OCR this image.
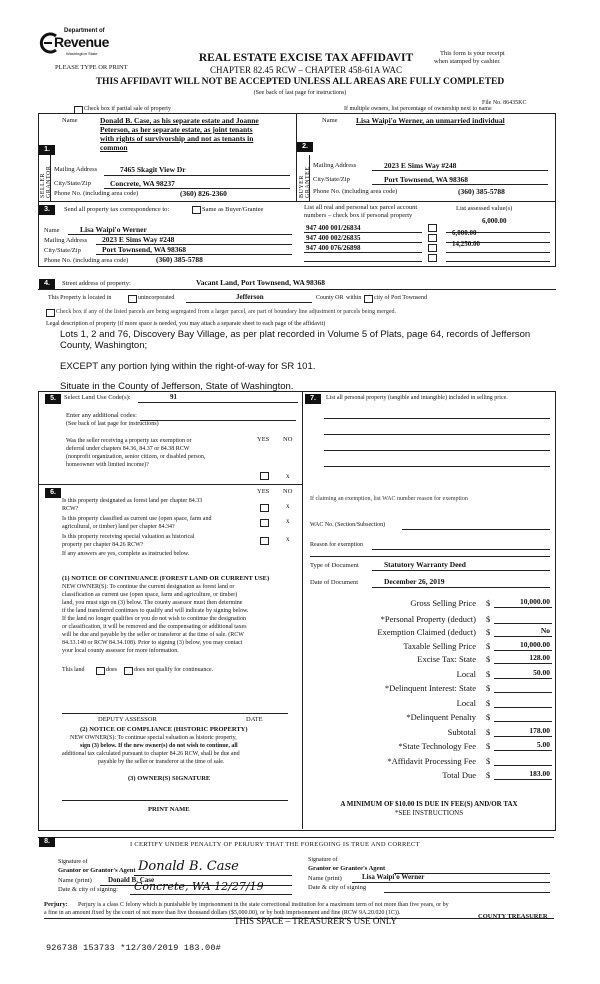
Department of
Revenue
Washington State
PLEASE TYPE OR PRINT
REAL ESTATE EXCISE TAX AFFIDAVIT
CHAPTER 82.45 RCW – CHAPTER 458-61A WAC
THIS AFFIDAVIT WILL NOT BE ACCEPTED UNLESS ALL AREAS ARE FULLY COMPLETED
(See back of last page for instructions)
This form is your receipt
when stamped by cashier.
File No. 86435KC
Check box if partial sale of property	If multiple owners, list percentage of ownership next to name
1.
Name	Donald B. Case, as his separate estate and Joanne
Peterson, as her separate estate, as joint tenants
with rights of survivorship and not as tenants in
common
SELLER GRANTOR Mailing Address	7465 Skagit View Dr
City/State/Zip	Concrete, WA 98237
Phone No. (including area code)	(360) 826-2360
2.
Name Lisa Waipi'o Werner, an unmarried individual
BUYER GRANTEE
Mailing Address	2023 E Sims Way #248
City/State/Zip	Port Townsend, WA 98368
Phone No. (including area code)	(360) 385-5788
3.	Send all property tax correspondence to:	Same as Buyer/Grantee
Name	Lisa Waipi'o Werner
Mailing Address 2023 E Sims Way #248
City/State/Zip	Port Townsend, WA 98368
Phone No. (including area code)	(360) 385-5788
List all real and personal tax parcel account
numbers – check box if personal property
List assessed value(s)
947 400 001/26834
6,000.00
947 400 002/26835
6,000.00
947 400 076/26898	14,250.00
4.	Street address of property:	Vacant Land, Port Townsend, WA 98368
This Property is located in	unincorporated	Jefferson	County OR within city of Port Townsend
Check box if any of the listed parcels are being segregated from a larger parcel, are part of boundary line adjustment or parcels being merged.
Legal description of property (if more space is needed, you may attach a separate sheet to each page of the affidavit)
Lots 1, 2 and 76, Discovery Bay Village, as per plat recorded in Volume 5 of Plats, page 64, records of Jefferson
County, Washington;
EXCEPT any portion lying within the right-of-way for SR 101.
Situate in the County of Jefferson, State of Washington.
5.	Select Land Use Code(s):	91
Enter any additional codes:
(See back of last page for instructions)
YES NO
Was the seller receiving a property tax exemption or
deferral under chapters 84.36, 84.37 or 84.38 RCW
(nonprofit organization, senior citizen, or disabled person,
homeowner with limited income)?
x
6.	YES NO
Is this property designated as forest land per chapter 84.33
RCW?	x
Is this property classified as current use (open space, farm and
agricultural, or timber) land per chapter 84.34?
x
Is this property receiving special valuation as historical
property per chapter 84.26 RCW?
x
If any answers are yes, complete as instructed below.
(1) NOTICE OF CONTINUANCE (FOREST LAND OR CURRENT USE)
NEW OWNER(S): To continue the current designation as forest land or
classification as current use (open space, farm and agriculture, or timber)
land, you must sign on (3) below. The county assessor must then determine
if the land transferred continues to qualify and will indicate by signing below.
If the land no longer qualifies or you do not wish to continue the designation
or classification, it will be removed and the compensating or additional taxes
will be due and payable by the seller or transferor at the time of sale. (RCW
84.33.140 or RCW 84.34.108). Prior to signing (3) below, you may contact
your local county assessor for more information.
This land	does	does not qualify for continuance.
DEPUTY ASSESSOR	DATE
(2) NOTICE OF COMPLIANCE (HISTORIC PROPERTY)
NEW OWNER(S): To continue special valuation as historic property,
sign (3) below. If the new owner(s) do not wish to continue, all
additional tax calculated pursuant to chapter 84.26 RCW, shall be due and
payable by the seller or transferor at the time of sale.
(3) OWNER(S) SIGNATURE
PRINT NAME
7.	List all personal property (tangible and intangible) included in selling price.
If claiming an exemption, list WAC number reason for exemption
WAC No. (Section/Subsection)
Reason for exemption
Type of Document	Statutory Warranty Deed
Date of Document	December 26, 2019
Gross Selling Price $	10,000.00
*Personal Property (deduct) $
Exemption Claimed (deduct) $	No
Taxable Selling Price $	10,000.00
Excise Tax: State $	128.00
Local $	50.00
*Delinquent Interest: State $
Local $
*Delinquent Penalty $
Subtotal $	178.00
*State Technology Fee $	5.00
*Affidavit Processing Fee $
Total Due $	183.00
A MINIMUM OF $10.00 IS DUE IN FEE(S) AND/OR TAX
*SEE INSTRUCTIONS
8.	I CERTIFY UNDER PENALTY OF PERJURY THAT THE FOREGOING IS TRUE AND CORRECT
Signature of
Grantor or Grantor's Agent Donald B. Case
Name (print) Donald B. Case
Date & city of signing: Concrete, WA 12/27/19
Signature of
Grantor or Grantee's Agent
Name (print)	Lisa Waipi'o Werner
Date & city of signing
Perjury: Perjury is a class C felony which is punishable by imprisonment in the state correctional institution for a maximum term of not more than five years, or by
a fine in an amount fixed by the court of not more than five thousand dollars ($5,000.00), or by both imprisonment and fine (RCW 9A.20.020 (1C)).
THIS SPACE – TREASURER'S USE ONLY	COUNTY TREASURER
926738 153733 *12/30/2019 183.00#
